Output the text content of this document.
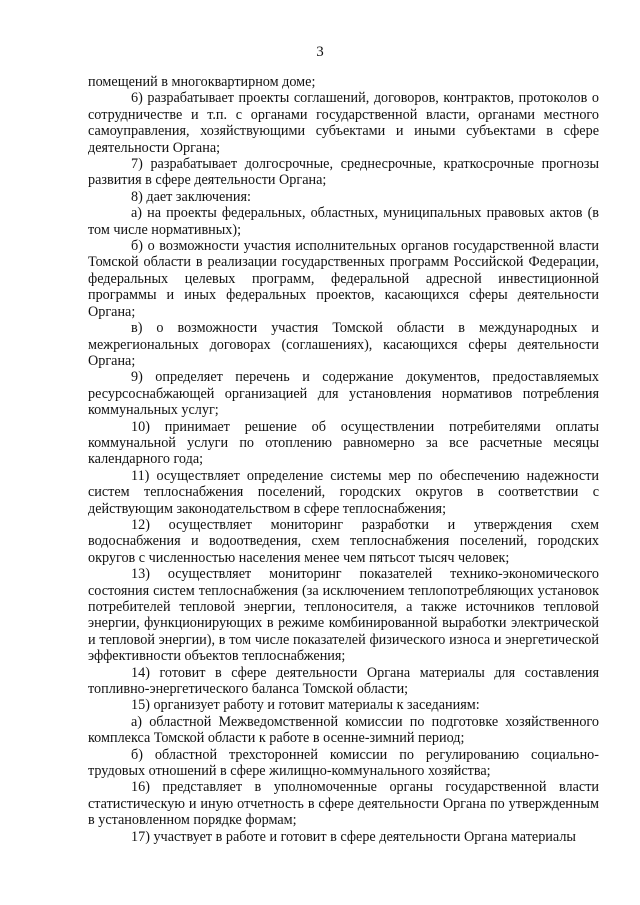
3

помещений в многоквартирном доме;

6) разрабатывает проекты соглашений, договоров, контрактов, протоколов о сотрудничестве и т.п. с органами государственной власти, органами местного самоуправления, хозяйствующими субъектами и иными субъектами в сфере деятельности Органа;

7) разрабатывает долгосрочные, среднесрочные, краткосрочные прогнозы развития в сфере деятельности Органа;

8) дает заключения:

а) на проекты федеральных, областных, муниципальных правовых актов (в том числе нормативных);

б) о возможности участия исполнительных органов государственной власти Томской области в реализации государственных программ Российской Федерации, федеральных целевых программ, федеральной адресной инвестиционной программы и иных федеральных проектов, касающихся сферы деятельности Органа;

в) о возможности участия Томской области в международных и межрегиональных договорах (соглашениях), касающихся сферы деятельности Органа;

9) определяет перечень и содержание документов, предоставляемых ресурсоснабжающей организацией для установления нормативов потребления коммунальных услуг;

10) принимает решение об осуществлении потребителями оплаты коммунальной услуги по отоплению равномерно за все расчетные месяцы календарного года;

11) осуществляет определение системы мер по обеспечению надежности систем теплоснабжения поселений, городских округов в соответствии с действующим законодательством в сфере теплоснабжения;

12) осуществляет мониторинг разработки и утверждения схем водоснабжения и водоотведения, схем теплоснабжения поселений, городских округов с численностью населения менее чем пятьсот тысяч человек;

13) осуществляет мониторинг показателей технико-экономического состояния систем теплоснабжения (за исключением теплопотребляющих установок потребителей тепловой энергии, теплоносителя, а также источников тепловой энергии, функционирующих в режиме комбинированной выработки электрической и тепловой энергии), в том числе показателей физического износа и энергетической эффективности объектов теплоснабжения;

14) готовит в сфере деятельности Органа материалы для составления топливно-энергетического баланса Томской области;

15) организует работу и готовит материалы к заседаниям:

а) областной Межведомственной комиссии по подготовке хозяйственного комплекса Томской области к работе в осенне-зимний период;

б) областной трехсторонней комиссии по регулированию социально-трудовых отношений в сфере жилищно-коммунального хозяйства;

16) представляет в уполномоченные органы государственной власти статистическую и иную отчетность в сфере деятельности Органа по утвержденным в установленном порядке формам;

17) участвует в работе и готовит в сфере деятельности Органа материалы
